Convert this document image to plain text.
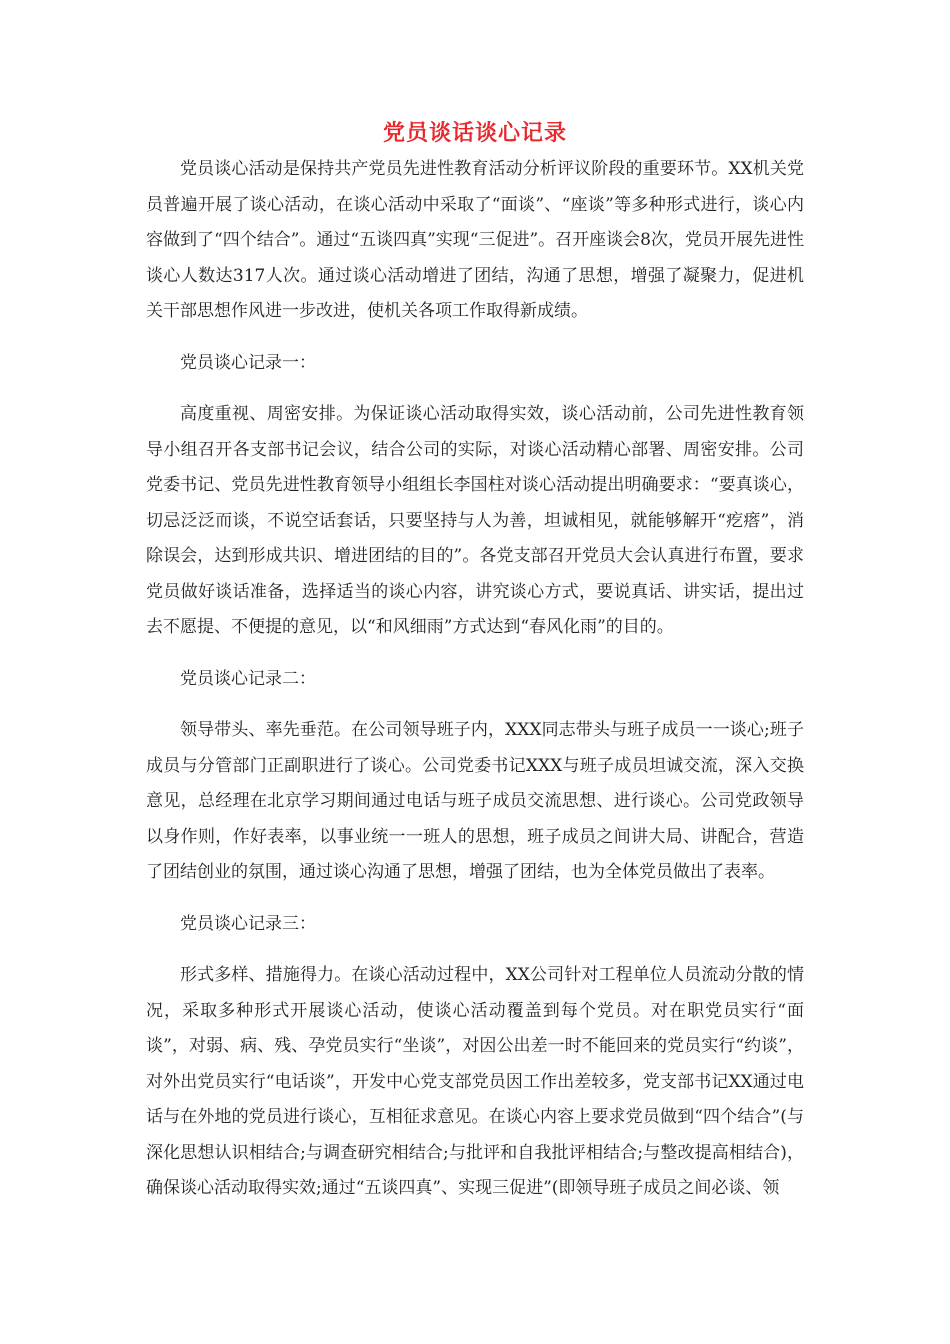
党员谈话谈心记录

党员谈心活动是保持共产党员先进性教育活动分析评议阶段的重要环节。XX机关党员普遍开展了谈心活动，在谈心活动中采取了“面谈”、“座谈”等多种形式进行，谈心内容做到了“四个结合”。通过“五谈四真”实现“三促进”。召开座谈会8次，党员开展先进性谈心人数达317人次。通过谈心活动增进了团结，沟通了思想，增强了凝聚力，促进机关干部思想作风进一步改进，使机关各项工作取得新成绩。

党员谈心记录一：

高度重视、周密安排。为保证谈心活动取得实效，谈心活动前，公司先进性教育领导小组召开各支部书记会议，结合公司的实际，对谈心活动精心部署、周密安排。公司党委书记、党员先进性教育领导小组组长李国柱对谈心活动提出明确要求：“要真谈心，切忌泛泛而谈，不说空话套话，只要坚持与人为善，坦诚相见，就能够解开“疙瘩”，消除误会，达到形成共识、增进团结的目的”。各党支部召开党员大会认真进行布置，要求党员做好谈话准备，选择适当的谈心内容，讲究谈心方式，要说真话、讲实话，提出过去不愿提、不便提的意见，以“和风细雨”方式达到“春风化雨”的目的。

党员谈心记录二：

领导带头、率先垂范。在公司领导班子内，XXX同志带头与班子成员一一谈心;班子成员与分管部门正副职进行了谈心。公司党委书记XXX与班子成员坦诚交流，深入交换意见，总经理在北京学习期间通过电话与班子成员交流思想、进行谈心。公司党政领导以身作则，作好表率，以事业统一一班人的思想，班子成员之间讲大局、讲配合，营造了团结创业的氛围，通过谈心沟通了思想，增强了团结，也为全体党员做出了表率。

党员谈心记录三：

形式多样、措施得力。在谈心活动过程中，XX公司针对工程单位人员流动分散的情况，采取多种形式开展谈心活动，使谈心活动覆盖到每个党员。对在职党员实行“面谈”，对弱、病、残、孕党员实行“坐谈”，对因公出差一时不能回来的党员实行“约谈”，对外出党员实行“电话谈”，开发中心党支部党员因工作出差较多，党支部书记XX通过电话与在外地的党员进行谈心，互相征求意见。在谈心内容上要求党员做到“四个结合”(与深化思想认识相结合;与调查研究相结合;与批评和自我批评相结合;与整改提高相结合)，确保谈心活动取得实效;通过“五谈四真”、实现三促进”(即领导班子成员之间必谈、领
